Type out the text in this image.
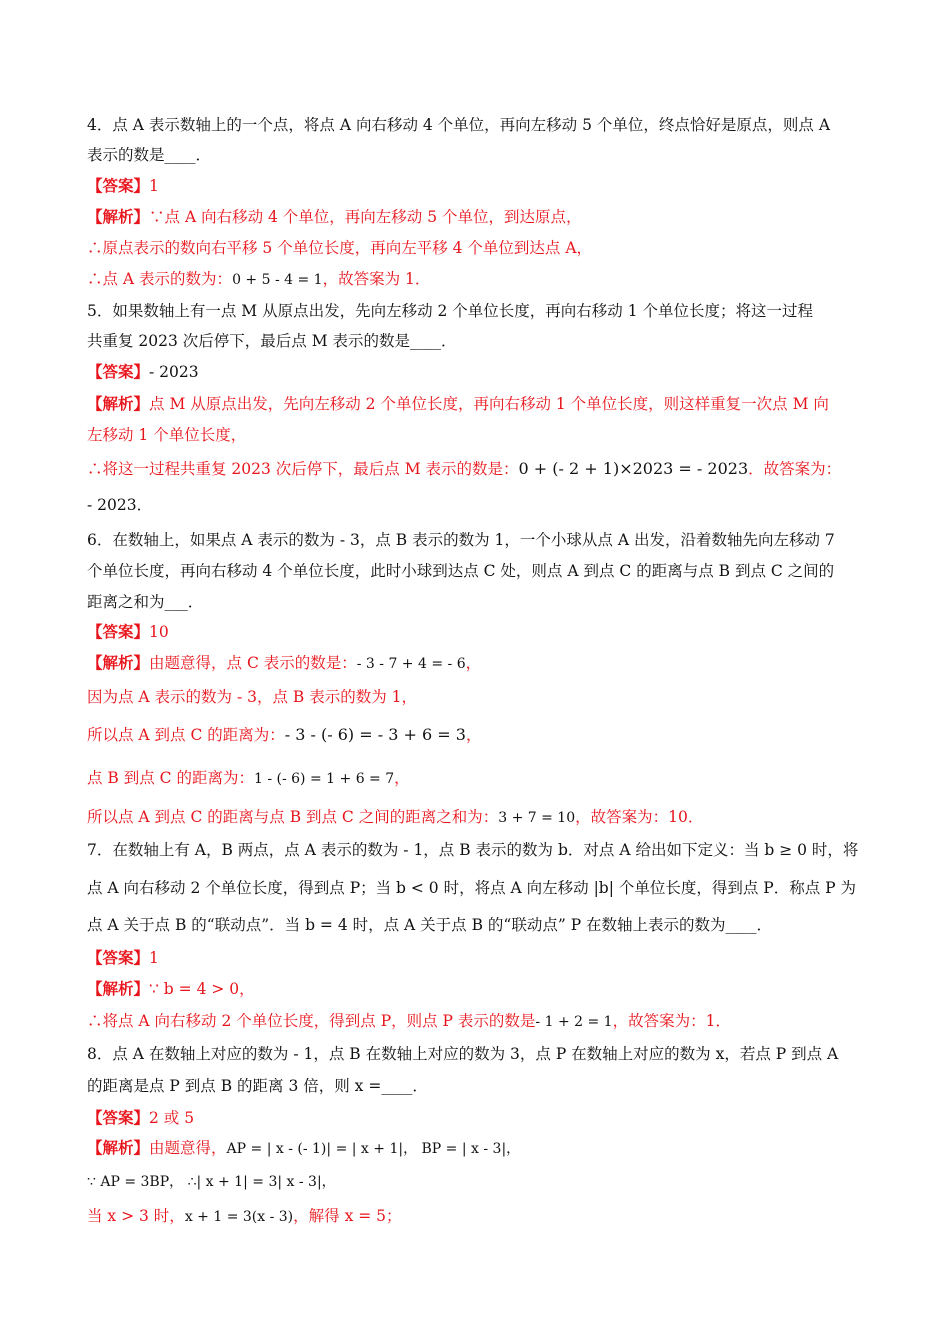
4．点 A 表示数轴上的一个点，将点 A 向右移动 4 个单位，再向左移动 5 个单位，终点恰好是原点，则点 A
表示的数是____．
【答案】1
【解析】∵点 A 向右移动 4 个单位，再向左移动 5 个单位，到达原点，
∴原点表示的数向右平移 5 个单位长度，再向左平移 4 个单位到达点 A，
∴点 A 表示的数为：0 + 5 - 4 = 1，故答案为 1．
5．如果数轴上有一点 M 从原点出发，先向左移动 2 个单位长度，再向右移动 1 个单位长度；将这一过程
共重复 2023 次后停下，最后点 M 表示的数是____．
【答案】- 2023
【解析】点 M 从原点出发，先向左移动 2 个单位长度，再向右移动 1 个单位长度，则这样重复一次点 M 向
左移动 1 个单位长度，
∴将这一过程共重复 2023 次后停下，最后点 M 表示的数是：0 + (- 2 + 1)×2023 = - 2023．故答案为：
- 2023．
6．在数轴上，如果点 A 表示的数为 - 3，点 B 表示的数为 1，一个小球从点 A 出发，沿着数轴先向左移动 7
个单位长度，再向右移动 4 个单位长度，此时小球到达点 C 处，则点 A 到点 C 的距离与点 B 到点 C 之间的
距离之和为___．
【答案】10
【解析】由题意得，点 C 表示的数是：- 3 - 7 + 4 = - 6，
因为点 A 表示的数为 - 3，点 B 表示的数为 1，
所以点 A 到点 C 的距离为：- 3 - (- 6) = - 3 + 6 = 3，
点 B 到点 C 的距离为：1 - (- 6) = 1 + 6 = 7，
所以点 A 到点 C 的距离与点 B 到点 C 之间的距离之和为：3 + 7 = 10，故答案为：10．
7．在数轴上有 A，B 两点，点 A 表示的数为 - 1，点 B 表示的数为 b．对点 A 给出如下定义：当 b ≥ 0 时，将
点 A 向右移动 2 个单位长度，得到点 P；当 b < 0 时，将点 A 向左移动 |b| 个单位长度，得到点 P．称点 P 为
点 A 关于点 B 的“联动点”．当 b = 4 时，点 A 关于点 B 的“联动点” P 在数轴上表示的数为____．
【答案】1
【解析】∵ b = 4 > 0，
∴将点 A 向右移动 2 个单位长度，得到点 P，则点 P 表示的数是- 1 + 2 = 1，故答案为：1．
8．点 A 在数轴上对应的数为 - 1，点 B 在数轴上对应的数为 3，点 P 在数轴上对应的数为 x，若点 P 到点 A
的距离是点 P 到点 B 的距离 3 倍，则 x =____．
【答案】2 或 5
【解析】由题意得，AP = | x - (- 1)| = | x + 1|， BP = | x - 3|，
∵ AP = 3BP， ∴| x + 1| = 3| x - 3|，
当 x > 3 时，x + 1 = 3(x - 3)，解得 x = 5；
